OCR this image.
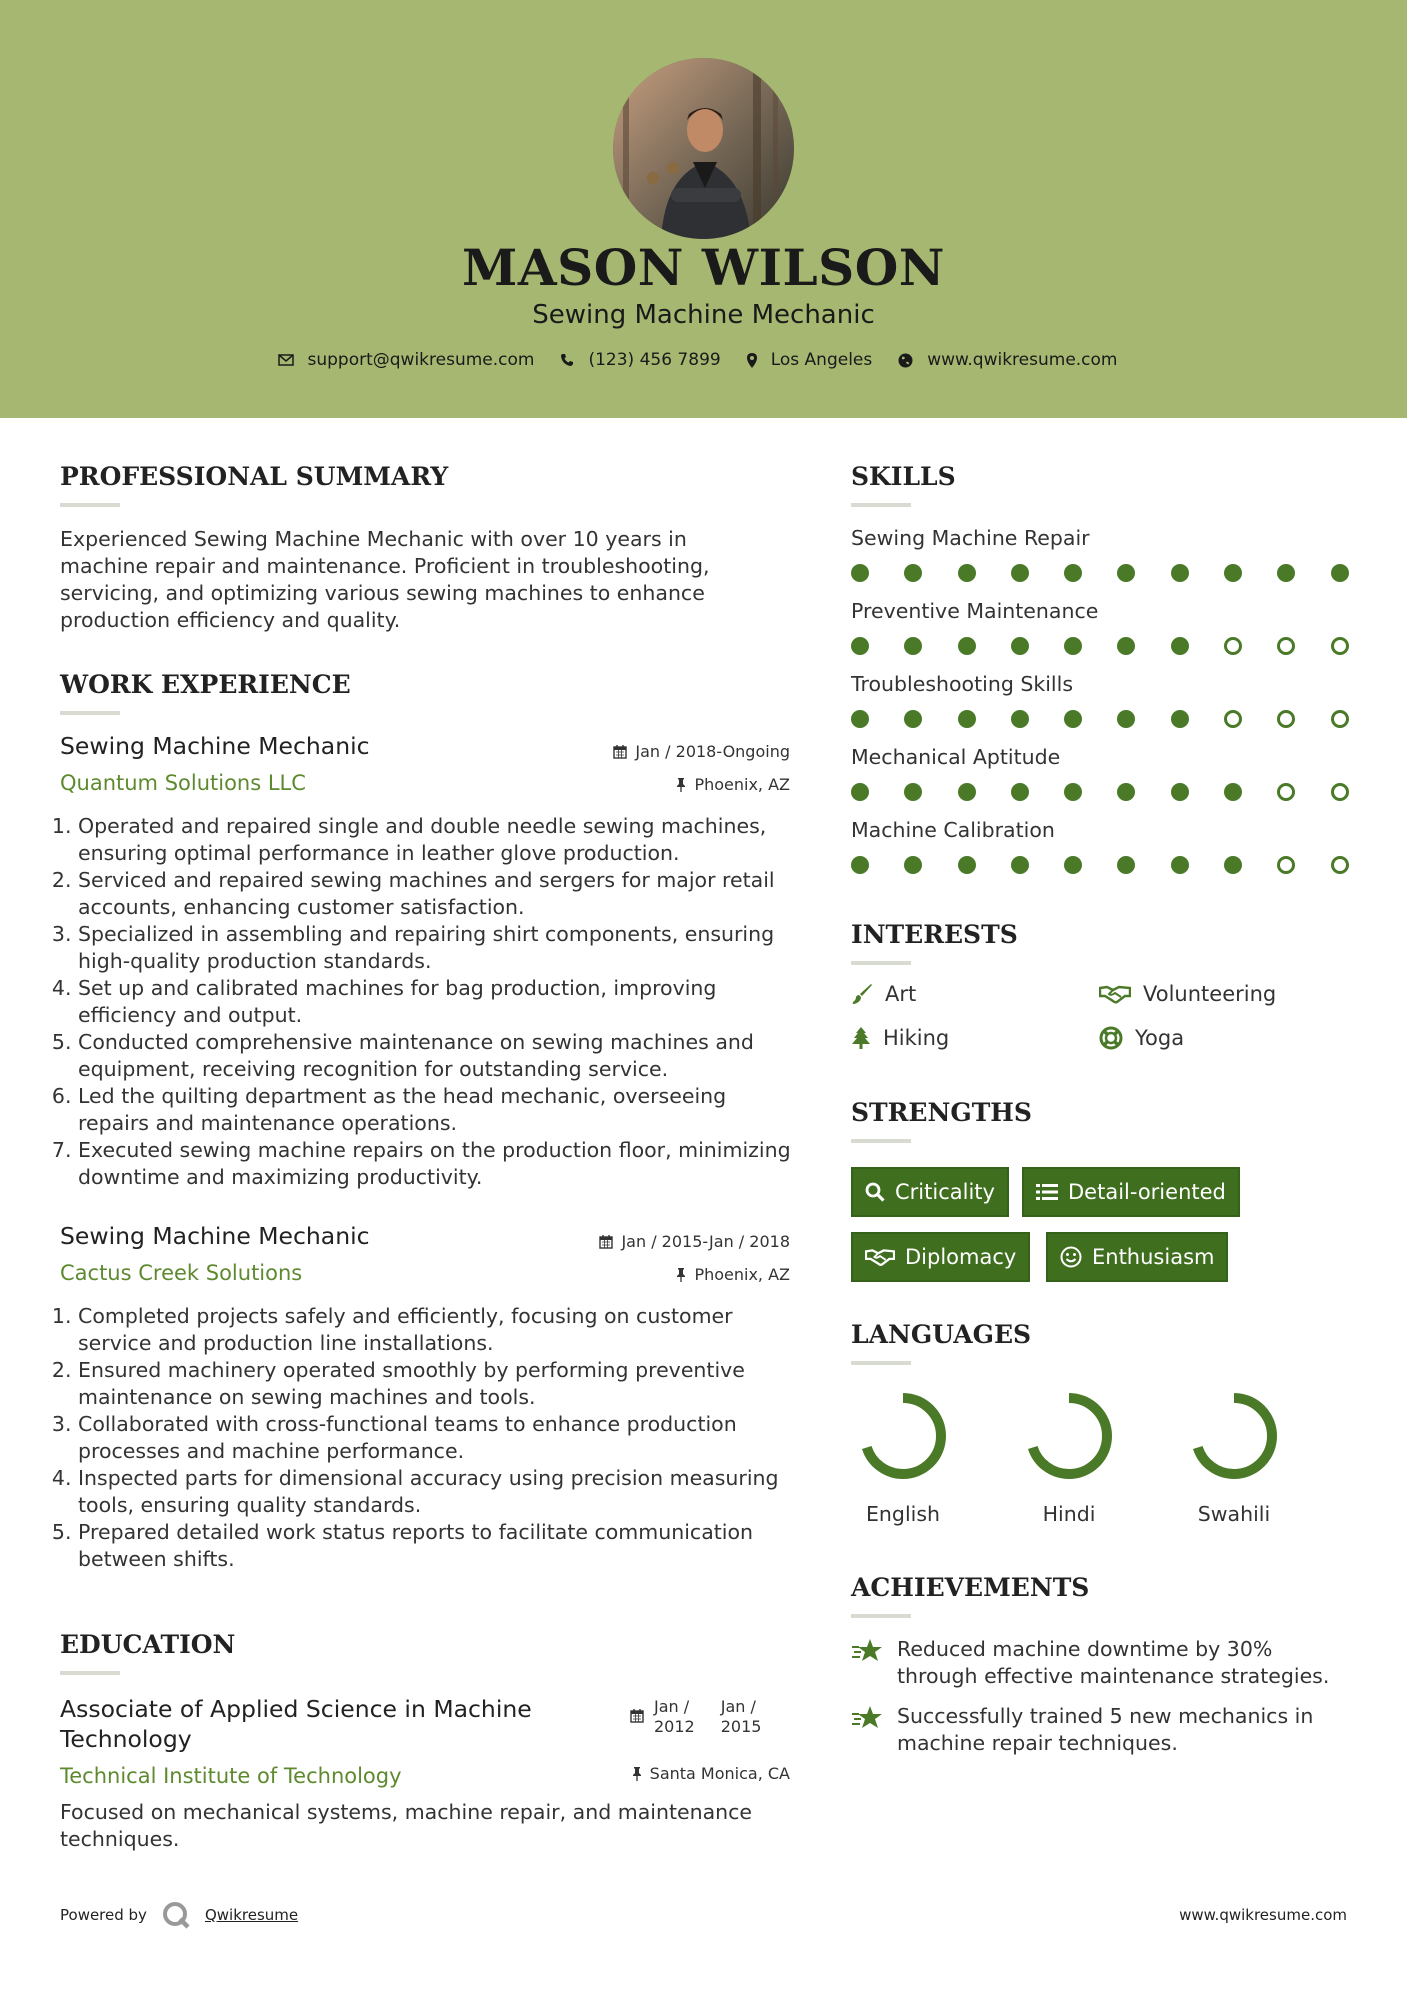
MASON WILSON
Sewing Machine Mechanic
support@qwikresume.com	(123) 456 7899	Los Angeles	www.qwikresume.com
PROFESSIONAL SUMMARY
Experienced Sewing Machine Mechanic with over 10 years in machine repair and maintenance. Proficient in troubleshooting, servicing, and optimizing various sewing machines to enhance production efficiency and quality.
WORK EXPERIENCE
Sewing Machine Mechanic
Quantum Solutions LLC
Jan / 2018-Ongoing
Phoenix, AZ
1. Operated and repaired single and double needle sewing machines, ensuring optimal performance in leather glove production.
2. Serviced and repaired sewing machines and sergers for major retail accounts, enhancing customer satisfaction.
3. Specialized in assembling and repairing shirt components, ensuring high-quality production standards.
4. Set up and calibrated machines for bag production, improving efficiency and output.
5. Conducted comprehensive maintenance on sewing machines and equipment, receiving recognition for outstanding service.
6. Led the quilting department as the head mechanic, overseeing repairs and maintenance operations.
7. Executed sewing machine repairs on the production floor, minimizing downtime and maximizing productivity.
Sewing Machine Mechanic
Cactus Creek Solutions
Jan / 2015-Jan / 2018
Phoenix, AZ
1. Completed projects safely and efficiently, focusing on customer service and production line installations.
2. Ensured machinery operated smoothly by performing preventive maintenance on sewing machines and tools.
3. Collaborated with cross-functional teams to enhance production processes and machine performance.
4. Inspected parts for dimensional accuracy using precision measuring tools, ensuring quality standards.
5. Prepared detailed work status reports to facilitate communication between shifts.
EDUCATION
Associate of Applied Science in Machine
Technology
Technical Institute of Technology
Jan /
2012
Jan /
2015
Santa Monica, CA
Focused on mechanical systems, machine repair, and maintenance techniques.
SKILLS
Sewing Machine Repair
Preventive Maintenance
Troubleshooting Skills
Mechanical Aptitude
Machine Calibration
INTERESTS
Art	Volunteering
Hiking	Yoga
STRENGTHS
Criticality	Detail-oriented
Diplomacy	Enthusiasm
LANGUAGES
English	Hindi	Swahili
ACHIEVEMENTS
Reduced machine downtime by 30% through effective maintenance strategies.
Successfully trained 5 new mechanics in machine repair techniques.
Powered by	Qwikresume	www.qwikresume.com
